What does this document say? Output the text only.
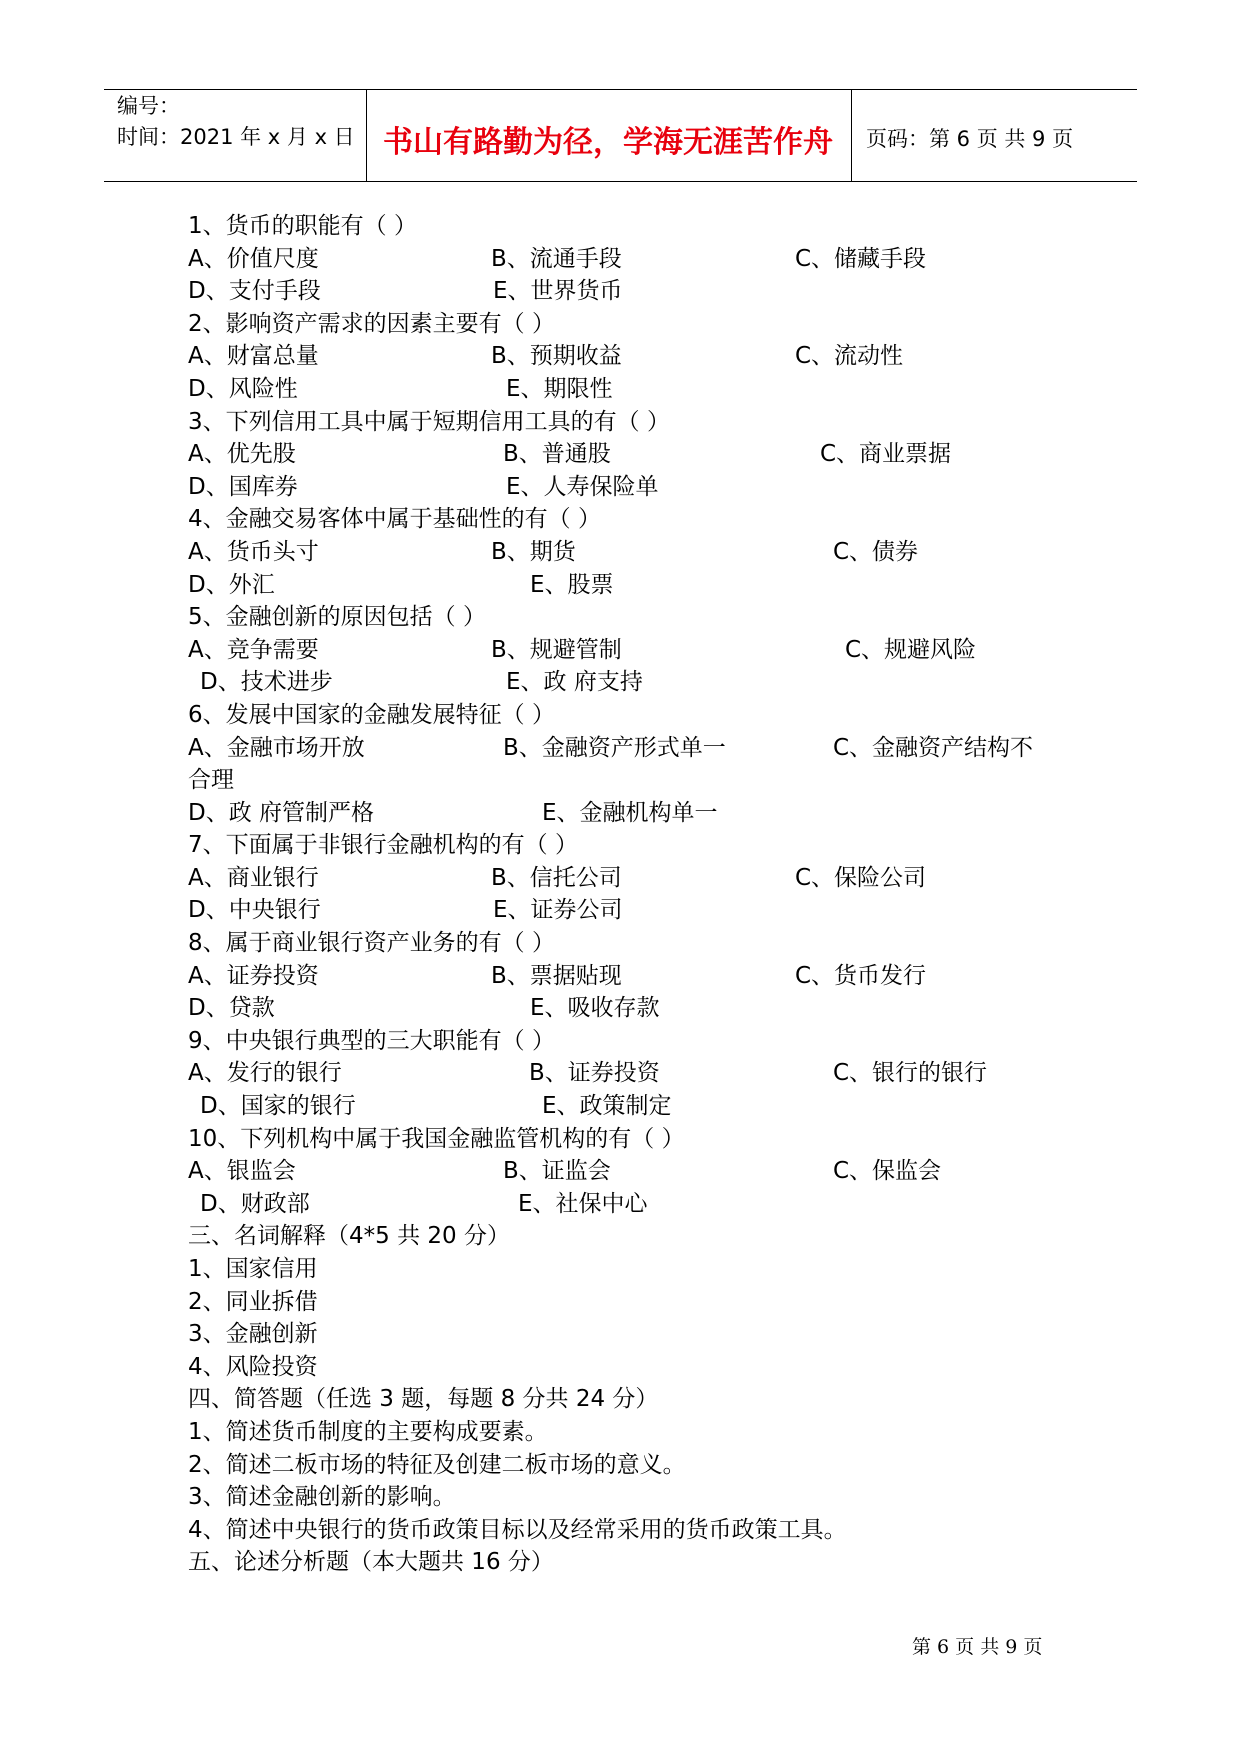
编号：
时间：2021 年 x 月 x 日 书山有路勤为径，学海无涯苦作舟	页码：第 6 页 共 9 页
1、货币的职能有（ ）
A、价值尺度	B、流通手段	C、储藏手段
D、支付手段	E、世界货币
2、影响资产需求的因素主要有（ ）
A、财富总量	B、预期收益	C、流动性
D、风险性	E、期限性
3、下列信用工具中属于短期信用工具的有（ ）
A、优先股	B、普通股	C、商业票据
D、国库券	E、人寿保险单
4、金融交易客体中属于基础性的有（ ）
A、货币头寸	B、期货	C、债券
D、外汇	E、股票
5、金融创新的原因包括（ ）
A、竞争需要	B、规避管制	C、规避风险
D、技术进步	E、政 府支持
6、发展中国家的金融发展特征（ ）
A、金融市场开放	B、金融资产形式单一	C、金融资产结构不
合理
D、政 府管制严格	E、金融机构单一
7、下面属于非银行金融机构的有（ ）
A、商业银行	B、信托公司	C、保险公司
D、中央银行	E、证券公司
8、属于商业银行资产业务的有（ ）
A、证券投资	B、票据贴现	C、货币发行
D、贷款	E、吸收存款
9、中央银行典型的三大职能有（ ）
A、发行的银行	B、证券投资	C、银行的银行
D、国家的银行	E、政策制定
10、下列机构中属于我国金融监管机构的有（ ）
A、银监会	B、证监会	C、保监会
D、财政部	E、社保中心
三、名词解释（4*5 共 20 分）
1、国家信用
2、同业拆借
3、金融创新
4、风险投资
四、简答题（任选 3 题，每题 8 分共 24 分）
1、简述货币制度的主要构成要素。
2、简述二板市场的特征及创建二板市场的意义。
3、简述金融创新的影响。
4、简述中央银行的货币政策目标以及经常采用的货币政策工具。
五、论述分析题（本大题共 16 分）
第 6 页 共 9 页
